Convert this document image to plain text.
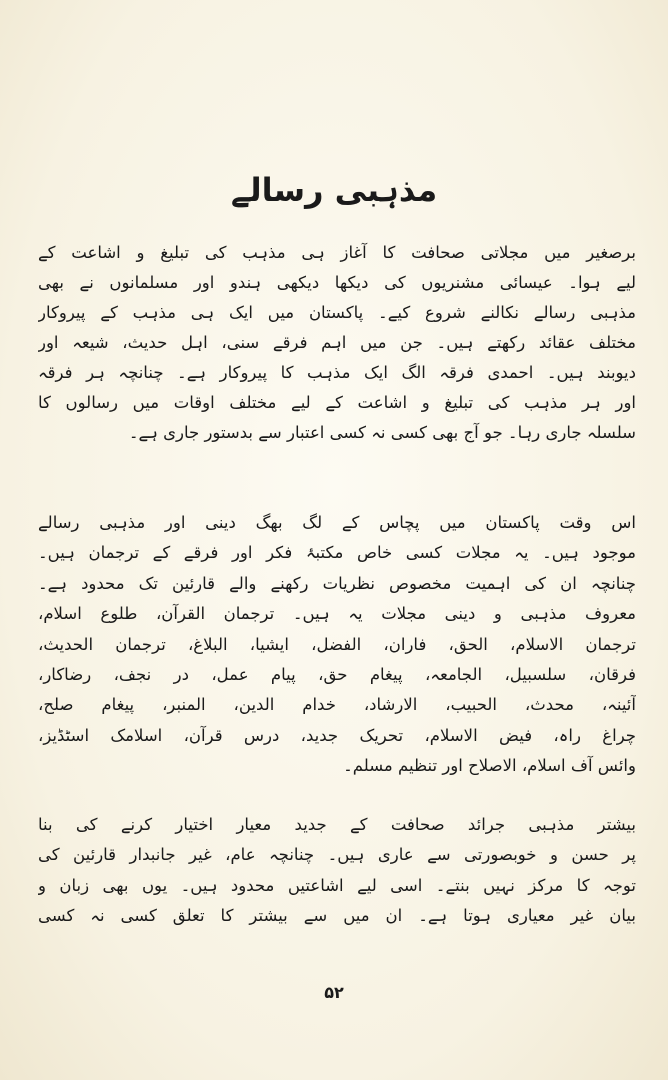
مذہبی رسالے
برصغیر میں مجلاتی صحافت کا آغاز ہی مذہب کی تبلیغ و اشاعت کے
لیے ہوا۔ عیسائی مشنریوں کی دیکھا دیکھی ہندو اور مسلمانوں نے بھی
مذہبی رسالے نکالنے شروع کیے۔ پاکستان میں ایک ہی مذہب کے پیروکار
مختلف عقائد رکھتے ہیں۔ جن میں اہم فرقے سنی، اہل حدیث، شیعہ اور
دیوبند ہیں۔ احمدی فرقہ الگ ایک مذہب کا پیروکار ہے۔ چنانچہ ہر فرقہ
اور ہر مذہب کی تبلیغ و اشاعت کے لیے مختلف اوقات میں رسالوں کا
سلسلہ جاری رہا۔ جو آج بھی کسی نہ کسی اعتبار سے بدستور جاری ہے۔
اس وقت پاکستان میں پچاس کے لگ بھگ دینی اور مذہبی رسالے
موجود ہیں۔ یہ مجلات کسی خاص مکتبۂ فکر اور فرقے کے ترجمان ہیں۔
چنانچہ ان کی اہمیت مخصوص نظریات رکھنے والے قارئین تک محدود ہے۔
معروف مذہبی و دینی مجلات یہ ہیں۔ ترجمان القرآن، طلوع اسلام،
ترجمان الاسلام، الحق، فاران، الفضل، ایشیا، البلاغ، ترجمان الحدیث،
فرقان، سلسبیل، الجامعہ، پیغام حق، پیام عمل، در نجف، رضاکار،
آئینہ، محدث، الحبیب، الارشاد، خدام الدین، المنبر، پیغام صلح،
چراغ راہ، فیض الاسلام، تحریک جدید، درس قرآن، اسلامک اسٹڈیز،
وائس آف اسلام، الاصلاح اور تنظیم مسلم۔
بیشتر مذہبی جرائد صحافت کے جدید معیار اختیار کرنے کی بنا
پر حسن و خوبصورتی سے عاری ہیں۔ چنانچہ عام، غیر جانبدار قارئین کی
توجہ کا مرکز نہیں بنتے۔ اسی لیے اشاعتیں محدود ہیں۔ یوں بھی زبان و
بیان غیر معیاری ہوتا ہے۔ ان میں سے بیشتر کا تعلق کسی نہ کسی
۵۲
